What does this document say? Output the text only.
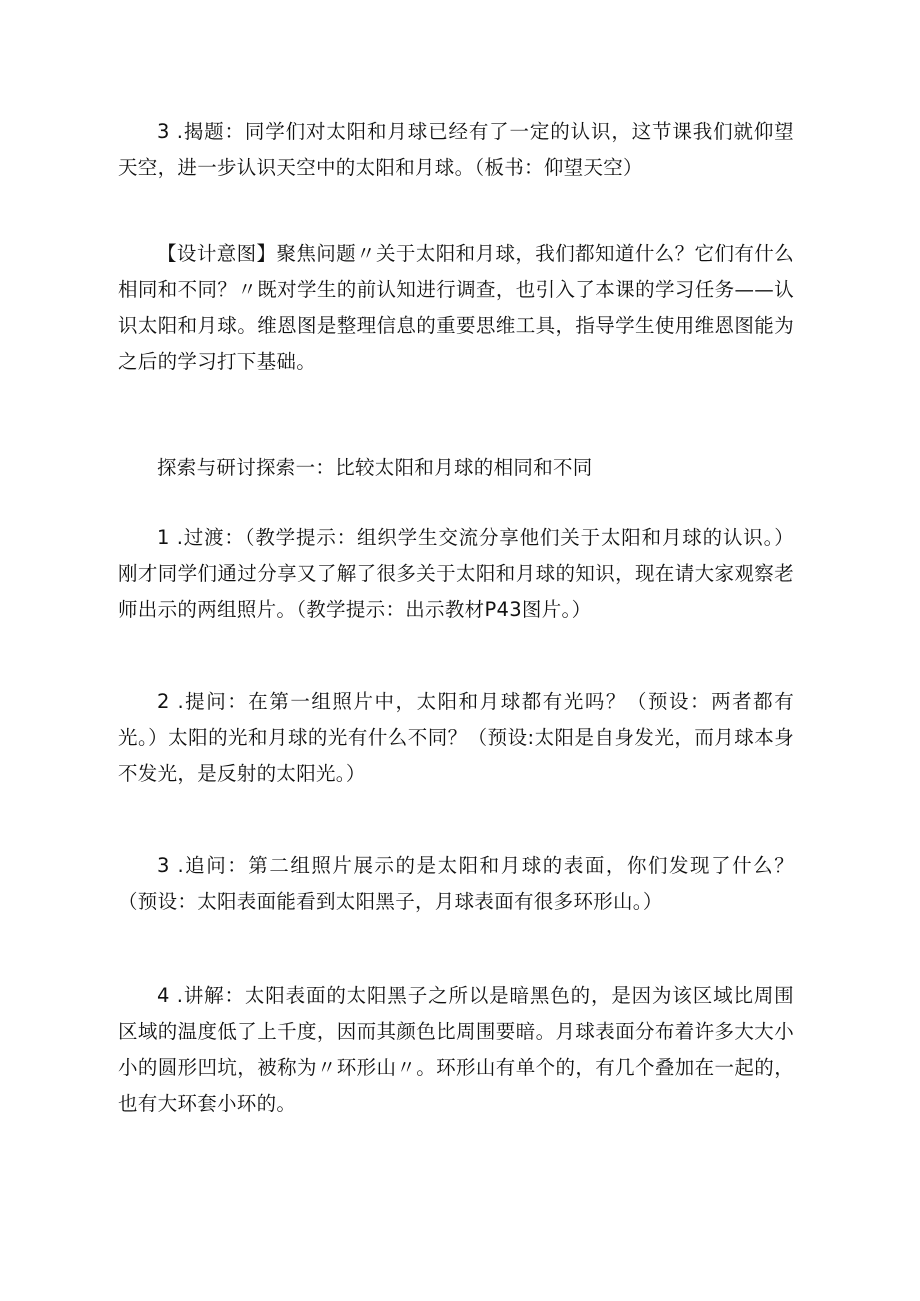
3 .揭题：同学们对太阳和月球已经有了一定的认识，这节课我们就仰望天空，进一步认识天空中的太阳和月球。（板书：仰望天空）

【设计意图】聚焦问题〃关于太阳和月球，我们都知道什么？它们有什么相同和不同？〃既对学生的前认知进行调查，也引入了本课的学习任务——认识太阳和月球。维恩图是整理信息的重要思维工具，指导学生使用维恩图能为之后的学习打下基础。

探索与研讨探索一：比较太阳和月球的相同和不同

1 .过渡：（教学提示：组织学生交流分享他们关于太阳和月球的认识。）刚才同学们通过分享又了解了很多关于太阳和月球的知识，现在请大家观察老师出示的两组照片。（教学提示：出示教材P43图片。）

2 .提问：在第一组照片中，太阳和月球都有光吗？（预设：两者都有光。）太阳的光和月球的光有什么不同？（预设:太阳是自身发光，而月球本身不发光，是反射的太阳光。）

3 .追问：第二组照片展示的是太阳和月球的表面，你们发现了什么？（预设：太阳表面能看到太阳黑子，月球表面有很多环形山。）

4 .讲解：太阳表面的太阳黑子之所以是暗黑色的，是因为该区域比周围区域的温度低了上千度，因而其颜色比周围要暗。月球表面分布着许多大大小小的圆形凹坑，被称为〃环形山〃。环形山有单个的，有几个叠加在一起的，也有大环套小环的。
